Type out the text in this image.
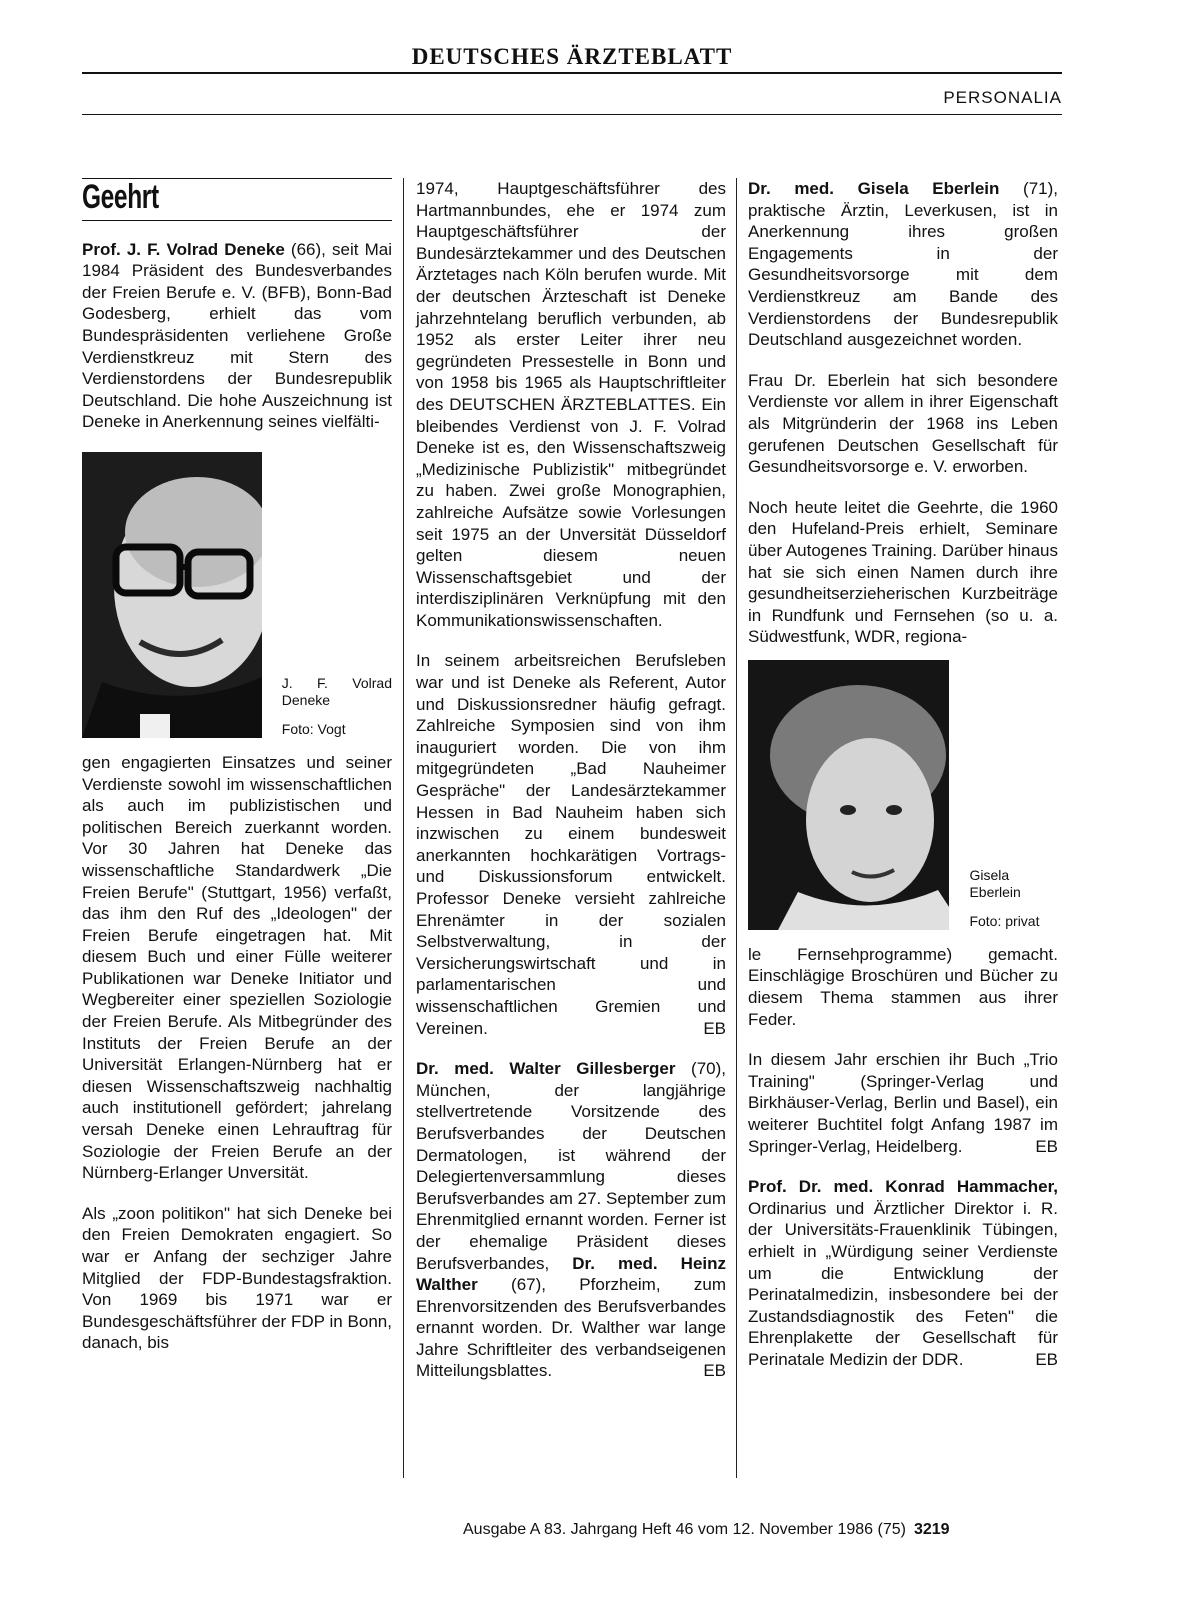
DEUTSCHES ÄRZTEBLATT
PERSONALIA
Geehrt

Prof. J. F. Volrad Deneke (66), seit Mai 1984 Präsident des Bundesverbandes der Freien Berufe e. V. (BFB), Bonn-Bad Godesberg, erhielt das vom Bundespräsidenten verliehene Große Verdienstkreuz mit Stern des Verdienstordens der Bundesrepublik Deutschland. Die hohe Auszeichnung ist Deneke in Anerkennung seines vielfälti-

J. F. Volrad Deneke
Foto: Vogt

gen engagierten Einsatzes und seiner Verdienste sowohl im wissenschaftlichen als auch im publizistischen und politischen Bereich zuerkannt worden. Vor 30 Jahren hat Deneke das wissenschaftliche Standardwerk „Die Freien Berufe" (Stuttgart, 1956) verfaßt, das ihm den Ruf des „Ideologen" der Freien Berufe eingetragen hat. Mit diesem Buch und einer Fülle weiterer Publikationen war Deneke Initiator und Wegbereiter einer speziellen Soziologie der Freien Berufe. Als Mitbegründer des Instituts der Freien Berufe an der Universität Erlangen-Nürnberg hat er diesen Wissenschaftszweig nachhaltig auch institutionell gefördert; jahrelang versah Deneke einen Lehrauftrag für Soziologie der Freien Berufe an der Nürnberg-Erlanger Unversität.

Als „zoon politikon" hat sich Deneke bei den Freien Demokraten engagiert. So war er Anfang der sechziger Jahre Mitglied der FDP-Bundestagsfraktion. Von 1969 bis 1971 war er Bundesgeschäftsführer der FDP in Bonn, danach, bis

1974, Hauptgeschäftsführer des Hartmannbundes, ehe er 1974 zum Hauptgeschäftsführer der Bundesärztekammer und des Deutschen Ärztetages nach Köln berufen wurde. Mit der deutschen Ärzteschaft ist Deneke jahrzehntelang beruflich verbunden, ab 1952 als erster Leiter ihrer neu gegründeten Pressestelle in Bonn und von 1958 bis 1965 als Hauptschriftleiter des DEUTSCHEN ÄRZTEBLATTES. Ein bleibendes Verdienst von J. F. Volrad Deneke ist es, den Wissenschaftszweig „Medizinische Publizistik" mitbegründet zu haben. Zwei große Monographien, zahlreiche Aufsätze sowie Vorlesungen seit 1975 an der Unversität Düsseldorf gelten diesem neuen Wissenschaftsgebiet und der interdisziplinären Verknüpfung mit den Kommunikationswissenschaften.

In seinem arbeitsreichen Berufsleben war und ist Deneke als Referent, Autor und Diskussionsredner häufig gefragt. Zahlreiche Symposien sind von ihm inauguriert worden. Die von ihm mitgegründeten „Bad Nauheimer Gespräche" der Landesärztekammer Hessen in Bad Nauheim haben sich inzwischen zu einem bundesweit anerkannten hochkarätigen Vortrags- und Diskussionsforum entwickelt. Professor Deneke versieht zahlreiche Ehrenämter in der sozialen Selbstverwaltung, in der Versicherungswirtschaft und in parlamentarischen und wissenschaftlichen Gremien und Vereinen.	EB

Dr. med. Walter Gillesberger (70), München, der langjährige stellvertretende Vorsitzende des Berufsverbandes der Deutschen Dermatologen, ist während der Delegiertenversammlung dieses Berufsverbandes am 27. September zum Ehrenmitglied ernannt worden. Ferner ist der ehemalige Präsident dieses Berufsverbandes, Dr. med. Heinz Walther (67), Pforzheim, zum Ehrenvorsitzenden des Berufsverbandes ernannt worden. Dr. Walther war lange Jahre Schriftleiter des verbandseigenen Mitteilungsblattes.	EB

Dr. med. Gisela Eberlein (71), praktische Ärztin, Leverkusen, ist in Anerkennung ihres großen Engagements in der Gesundheitsvorsorge mit dem Verdienstkreuz am Bande des Verdienstordens der Bundesrepublik Deutschland ausgezeichnet worden.

Frau Dr. Eberlein hat sich besondere Verdienste vor allem in ihrer Eigenschaft als Mitgründerin der 1968 ins Leben gerufenen Deutschen Gesellschaft für Gesundheitsvorsorge e. V. erworben.

Noch heute leitet die Geehrte, die 1960 den Hufeland-Preis erhielt, Seminare über Autogenes Training. Darüber hinaus hat sie sich einen Namen durch ihre gesundheitserzieherischen Kurzbeiträge in Rundfunk und Fernsehen (so u. a. Südwestfunk, WDR, regiona-

Gisela Eberlein
Foto: privat

le Fernsehprogramme) gemacht. Einschlägige Broschüren und Bücher zu diesem Thema stammen aus ihrer Feder.

In diesem Jahr erschien ihr Buch „Trio Training" (Springer-Verlag und Birkhäuser-Verlag, Berlin und Basel), ein weiterer Buchtitel folgt Anfang 1987 im Springer-Verlag, Heidelberg.	EB

Prof. Dr. med. Konrad Hammacher, Ordinarius und Ärztlicher Direktor i. R. der Universitäts-Frauenklinik Tübingen, erhielt in „Würdigung seiner Verdienste um die Entwicklung der Perinatalmedizin, insbesondere bei der Zustandsdiagnostik des Feten" die Ehrenplakette der Gesellschaft für Perinatale Medizin der DDR.	EB

Ausgabe A 83. Jahrgang Heft 46 vom 12. November 1986 (75) 3219
